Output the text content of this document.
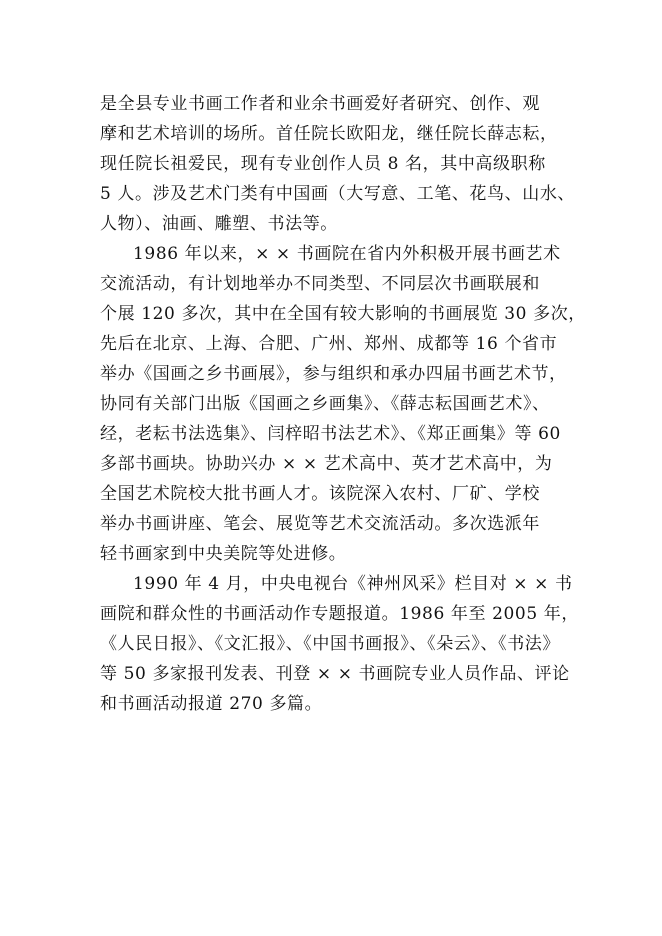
是全县专业书画工作者和业余书画爱好者研究、创作、观
摩和艺术培训的场所。首任院长欧阳龙，继任院长薛志耘，
现任院长祖爱民，现有专业创作人员 8 名，其中高级职称
5 人。涉及艺术门类有中国画（大写意、工笔、花鸟、山水、
人物）、油画、雕塑、书法等。
1986 年以来，× × 书画院在省内外积极开展书画艺术
交流活动，有计划地举办不同类型、不同层次书画联展和
个展 120 多次，其中在全国有较大影响的书画展览 30 多次，
先后在北京、上海、合肥、广州、郑州、成都等 16 个省市
举办《国画之乡书画展》，参与组织和承办四届书画艺术节，
协同有关部门出版《国画之乡画集》、《薛志耘国画艺术》、
经，老耘书法选集》、闫梓昭书法艺术》、《郑正画集》等 60
多部书画块。协助兴办 × × 艺术高中、英才艺术高中，为
全国艺术院校大批书画人才。该院深入农村、厂矿、学校
举办书画讲座、笔会、展览等艺术交流活动。多次选派年
轻书画家到中央美院等处进修。
1990 年 4 月，中央电视台《神州风采》栏目对 × × 书
画院和群众性的书画活动作专题报道。1986 年至 2005 年，
《人民日报》、《文汇报》、《中国书画报》、《朵云》、《书法》
等 50 多家报刊发表、刊登 × × 书画院专业人员作品、评论
和书画活动报道 270 多篇。
